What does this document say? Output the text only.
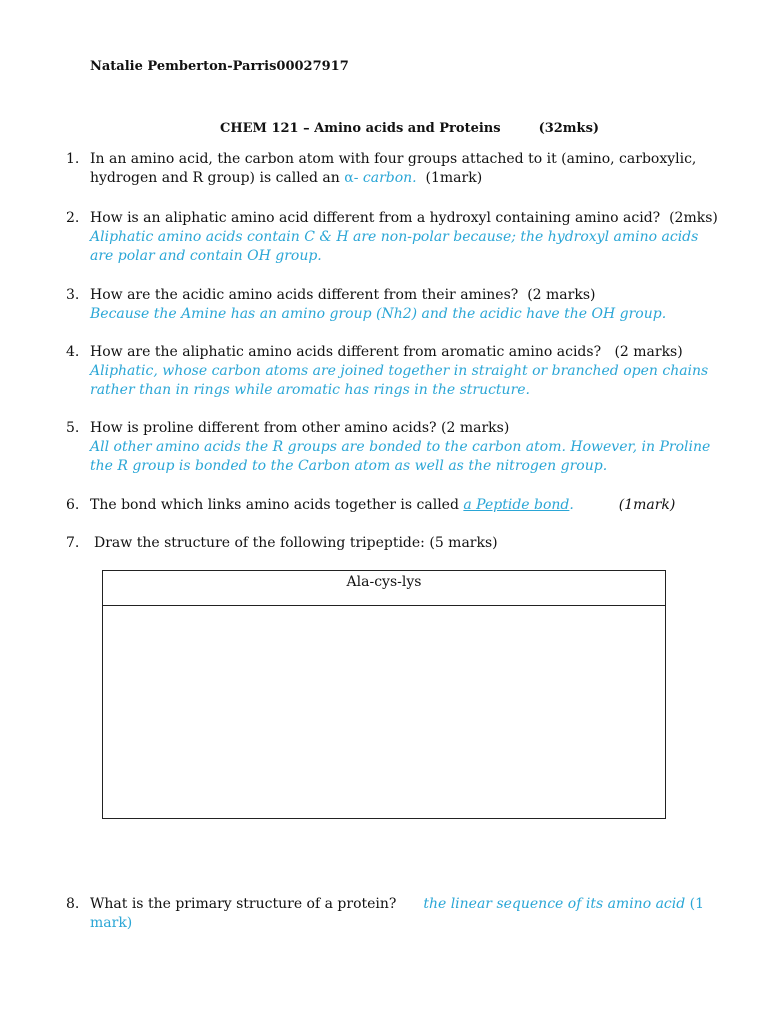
Natalie Pemberton-Parris00027917
CHEM 121 – Amino acids and Proteins	(32mks)
1. In an amino acid, the carbon atom with four groups attached to it (amino, carboxylic,
hydrogen and R group) is called an α- carbon. (1mark)
2. How is an aliphatic amino acid different from a hydroxyl containing amino acid? (2mks)
Aliphatic amino acids contain C & H are non-polar because; the hydroxyl amino acids are polar and contain OH group.
3. How are the acidic amino acids different from their amines? (2 marks)
Because the Amine has an amino group (Nh2) and the acidic have the OH group.
4. How are the aliphatic amino acids different from aromatic amino acids? (2 marks)
Aliphatic, whose carbon atoms are joined together in straight or branched open chains rather than in rings while aromatic has rings in the structure.
5. How is proline different from other amino acids? (2 marks)
All other amino acids the R groups are bonded to the carbon atom. However, in Proline the R group is bonded to the Carbon atom as well as the nitrogen group.
6. The bond which links amino acids together is called a Peptide bond.	(1mark)
7. Draw the structure of the following tripeptide: (5 marks)
Ala-cys-lys
8. What is the primary structure of a protein? the linear sequence of its amino acid (1 mark)
